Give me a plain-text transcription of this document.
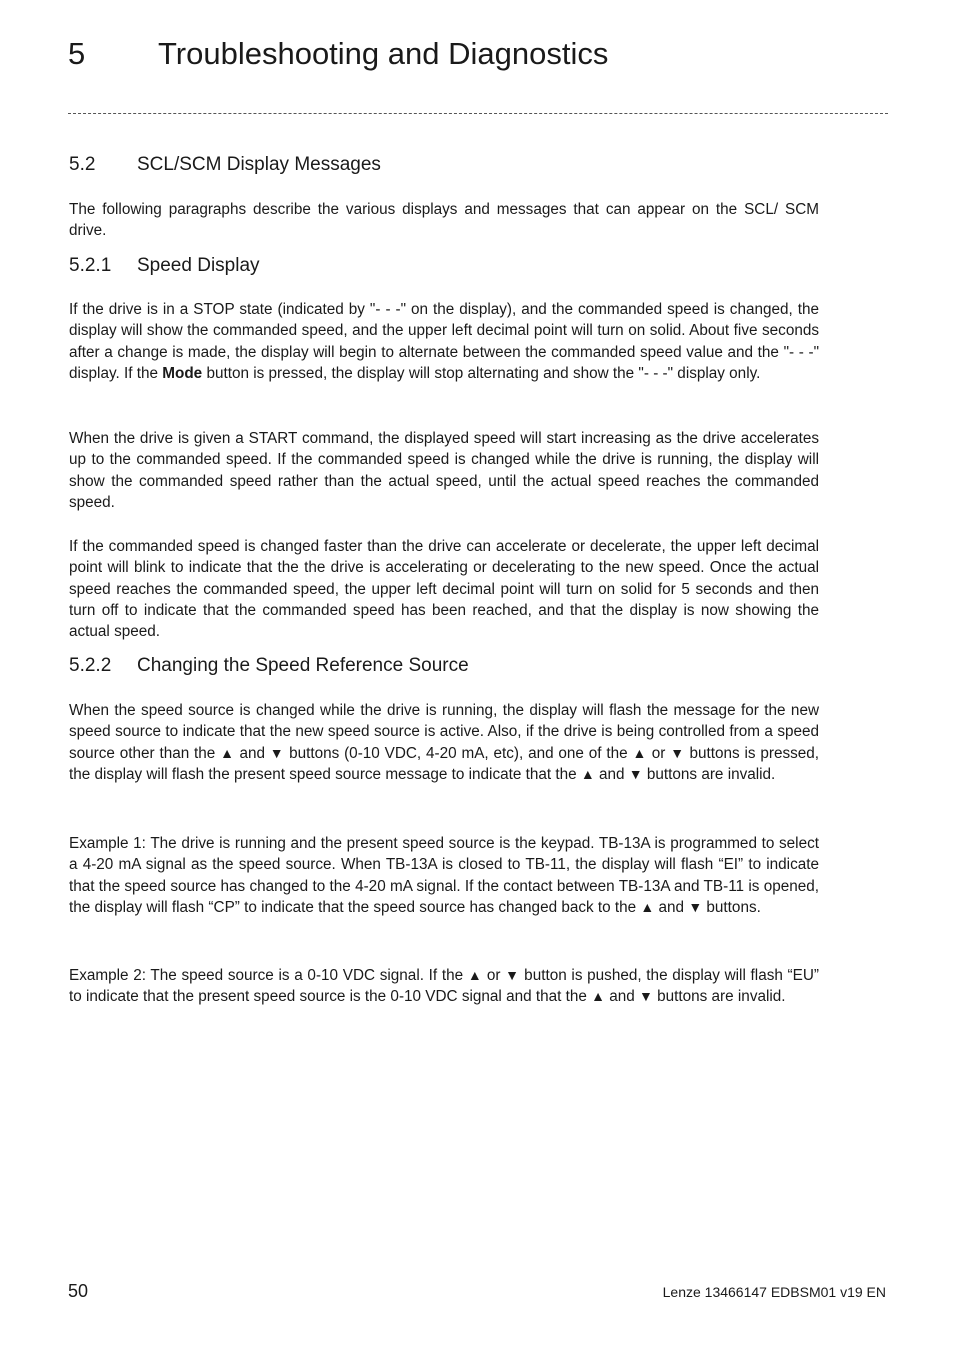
5 Troubleshooting and Diagnostics
5.2 SCL/SCM Display Messages

The following paragraphs describe the various displays and messages that can appear on the SCL/ SCM drive.

5.2.1 Speed Display

If the drive is in a STOP state (indicated by "- - -" on the display), and the commanded speed is changed, the display will show the commanded speed, and the upper left decimal point will turn on solid. About five seconds after a change is made, the display will begin to alternate between the commanded speed value and the "- - -" display. If the Mode button is pressed, the display will stop alternating and show the "- - -" display only.

When the drive is given a START command, the displayed speed will start increasing as the drive accelerates up to the commanded speed. If the commanded speed is changed while the drive is running, the display will show the commanded speed rather than the actual speed, until the actual speed reaches the commanded speed.

If the commanded speed is changed faster than the drive can accelerate or decelerate, the upper left decimal point will blink to indicate that the the drive is accelerating or decelerating to the new speed. Once the actual speed reaches the commanded speed, the upper left decimal point will turn on solid for 5 seconds and then turn off to indicate that the commanded speed has been reached, and that the display is now showing the actual speed.

5.2.2 Changing the Speed Reference Source

When the speed source is changed while the drive is running, the display will flash the message for the new speed source to indicate that the new speed source is active. Also, if the drive is being controlled from a speed source other than the ▲ and ▼ buttons (0-10 VDC, 4-20 mA, etc), and one of the ▲ or ▼ buttons is pressed, the display will flash the present speed source message to indicate that the ▲ and ▼ buttons are invalid.

Example 1: The drive is running and the present speed source is the keypad. TB-13A is programmed to select a 4-20 mA signal as the speed source. When TB-13A is closed to TB-11, the display will flash “EI” to indicate that the speed source has changed to the 4-20 mA signal. If the contact between TB-13A and TB-11 is opened, the display will flash “CP” to indicate that the speed source has changed back to the ▲ and ▼ buttons.

Example 2: The speed source is a 0-10 VDC signal. If the ▲ or ▼ button is pushed, the display will flash “EU” to indicate that the present speed source is the 0-10 VDC signal and that the ▲ and ▼ buttons are invalid.

50	Lenze 13466147 EDBSM01 v19 EN
